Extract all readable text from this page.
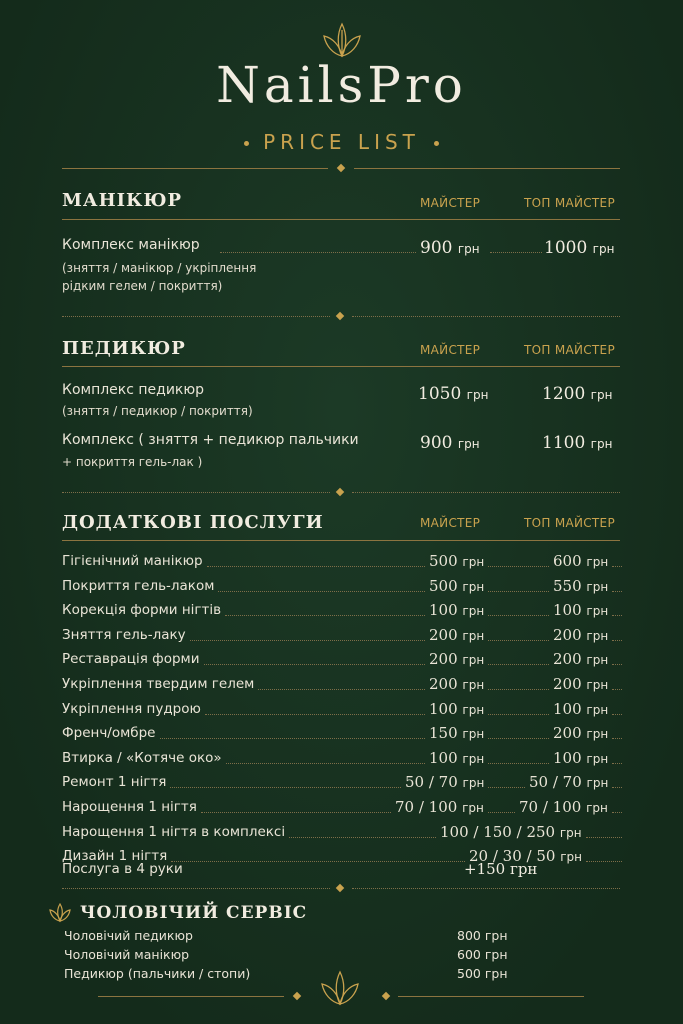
NailsPro
PRICE LIST
МАНІКЮР	МАЙСТЕР	ТОП МАЙСТЕР
Комплекс манікюр
(зняття / манікюр / укріплення
рідким гелем / покриття)
900 грн	1000 грн
ПЕДИКЮР	МАЙСТЕР	ТОП МАЙСТЕР
Комплекс педикюр
(зняття / педикюр / покриття)
1050 грн	1200 грн
Комплекс ( зняття + педикюр пальчики
+ покриття гель-лак )
900 грн	1100 грн
ДОДАТКОВІ ПОСЛУГИ	МАЙСТЕР	ТОП МАЙСТЕР
Гігієнічний манікюр	500 грн	600 грн
Покриття гель-лаком	500 грн	550 грн
Корекція форми нігтів	100 грн	100 грн
Зняття гель-лаку	200 грн	200 грн
Реставрація форми	200 грн	200 грн
Укріплення твердим гелем	200 грн	200 грн
Укріплення пудрою	100 грн	100 грн
Френч/омбре	150 грн	200 грн
Втирка / «Котяче око»	100 грн	100 грн
Ремонт 1 нігтя	50 / 70 грн	50 / 70 грн
Нарощення 1 нігтя	70 / 100 грн 70 / 100 грн
Нарощення 1 нігтя в комплексі	100 / 150 / 250 грн
Дизайн 1 нігтя	20 / 30 / 50 грн
Послуга в 4 руки	+150 грн
ЧОЛОВІЧИЙ СЕРВІС
Чоловічий педикюр	800 грн
Чоловічий манікюр	600 грн
Педикюр (пальчики / стопи)	500 грн
